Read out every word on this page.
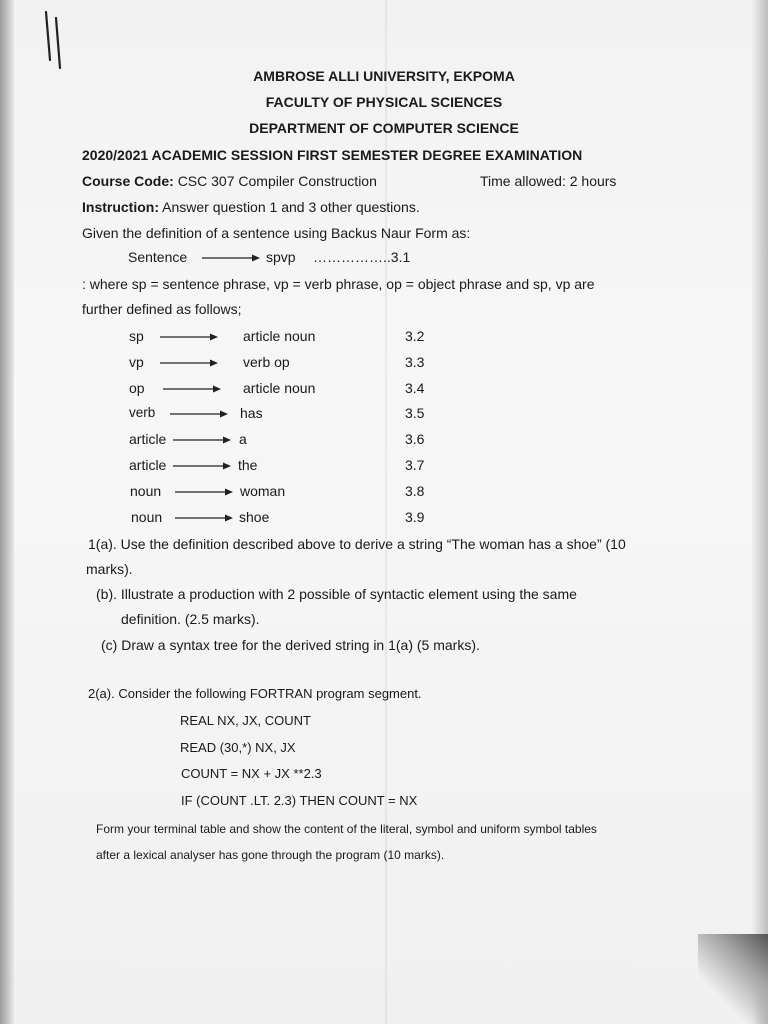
AMBROSE ALLI UNIVERSITY, EKPOMA
FACULTY OF PHYSICAL SCIENCES
DEPARTMENT OF COMPUTER SCIENCE
2020/2021 ACADEMIC SESSION FIRST SEMESTER DEGREE EXAMINATION
Course Code: CSC 307 Compiler Construction	Time allowed: 2 hours
Instruction: Answer question 1 and 3 other questions.
Given the definition of a sentence using Backus Naur Form as:
Sentence	spvp ……………..3.1
: where sp = sentence phrase, vp = verb phrase, op = object phrase and sp, vp are
further defined as follows;
sp	article noun	3.2
vp	verb op	3.3
op	article noun	3.4
verb	has	3.5
article	a	3.6
article	the	3.7
noun	woman	3.8
noun	shoe	3.9
1(a). Use the definition described above to derive a string “The woman has a shoe” (10
marks).
(b). Illustrate a production with 2 possible of syntactic element using the same
definition. (2.5 marks).
(c) Draw a syntax tree for the derived string in 1(a) (5 marks).
2(a). Consider the following FORTRAN program segment.
REAL NX, JX, COUNT
READ (30,*) NX, JX
COUNT = NX + JX **2.3
IF (COUNT .LT. 2.3) THEN COUNT = NX
Form your terminal table and show the content of the literal, symbol and uniform symbol tables
after a lexical analyser has gone through the program (10 marks).
